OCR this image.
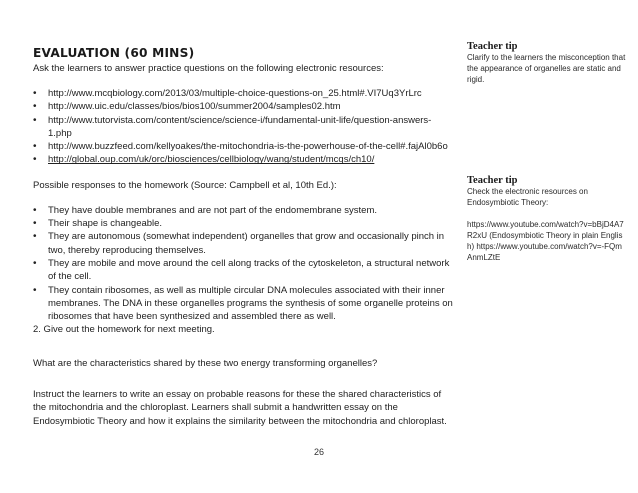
EVALUATION (60 MINS)
Ask the learners to answer practice questions on the following electronic resources:
• http://www.mcqbiology.com/2013/03/multiple-choice-questions-on_25.html#.VI7Uq3YrLrc
• http://www.uic.edu/classes/bios/bios100/summer2004/samples02.htm
• http://www.tutorvista.com/content/science/science-i/fundamental-unit-life/question-answers-1.php
• http://www.buzzfeed.com/kellyoakes/the-mitochondria-is-the-powerhouse-of-the-cell#.fajAl0b6o
• http://global.oup.com/uk/orc/biosciences/cellbiology/wang/student/mcqs/ch10/
Possible responses to the homework (Source: Campbell et al, 10th Ed.):
• They have double membranes and are not part of the endomembrane system.
• Their shape is changeable.
• They are autonomous (somewhat independent) organelles that grow and occasionally pinch in two, thereby reproducing themselves.
• They are mobile and move around the cell along tracks of the cytoskeleton, a structural network of the cell.
• They contain ribosomes, as well as multiple circular DNA molecules associated with their inner membranes. The DNA in these organelles programs the synthesis of some organelle proteins on ribosomes that have been synthesized and assembled there as well.
2. Give out the homework for next meeting.
What are the characteristics shared by these two energy transforming organelles?
Instruct the learners to write an essay on probable reasons for these the shared characteristics of the mitochondria and the chloroplast. Learners shall submit a handwritten essay on the Endosymbiotic Theory and how it explains the similarity between the mitochondria and chloroplast.
Teacher tip
Clarify to the learners the misconception that the appearance of organelles are static and rigid.
Teacher tip
Check the electronic resources on Endosymbiotic Theory:
https://www.youtube.com/watch?v=bBjD4A7R2xU (Endosymbiotic Theory in plain English) https://www.youtube.com/watch?v=-FQmAnmLZtE
26
